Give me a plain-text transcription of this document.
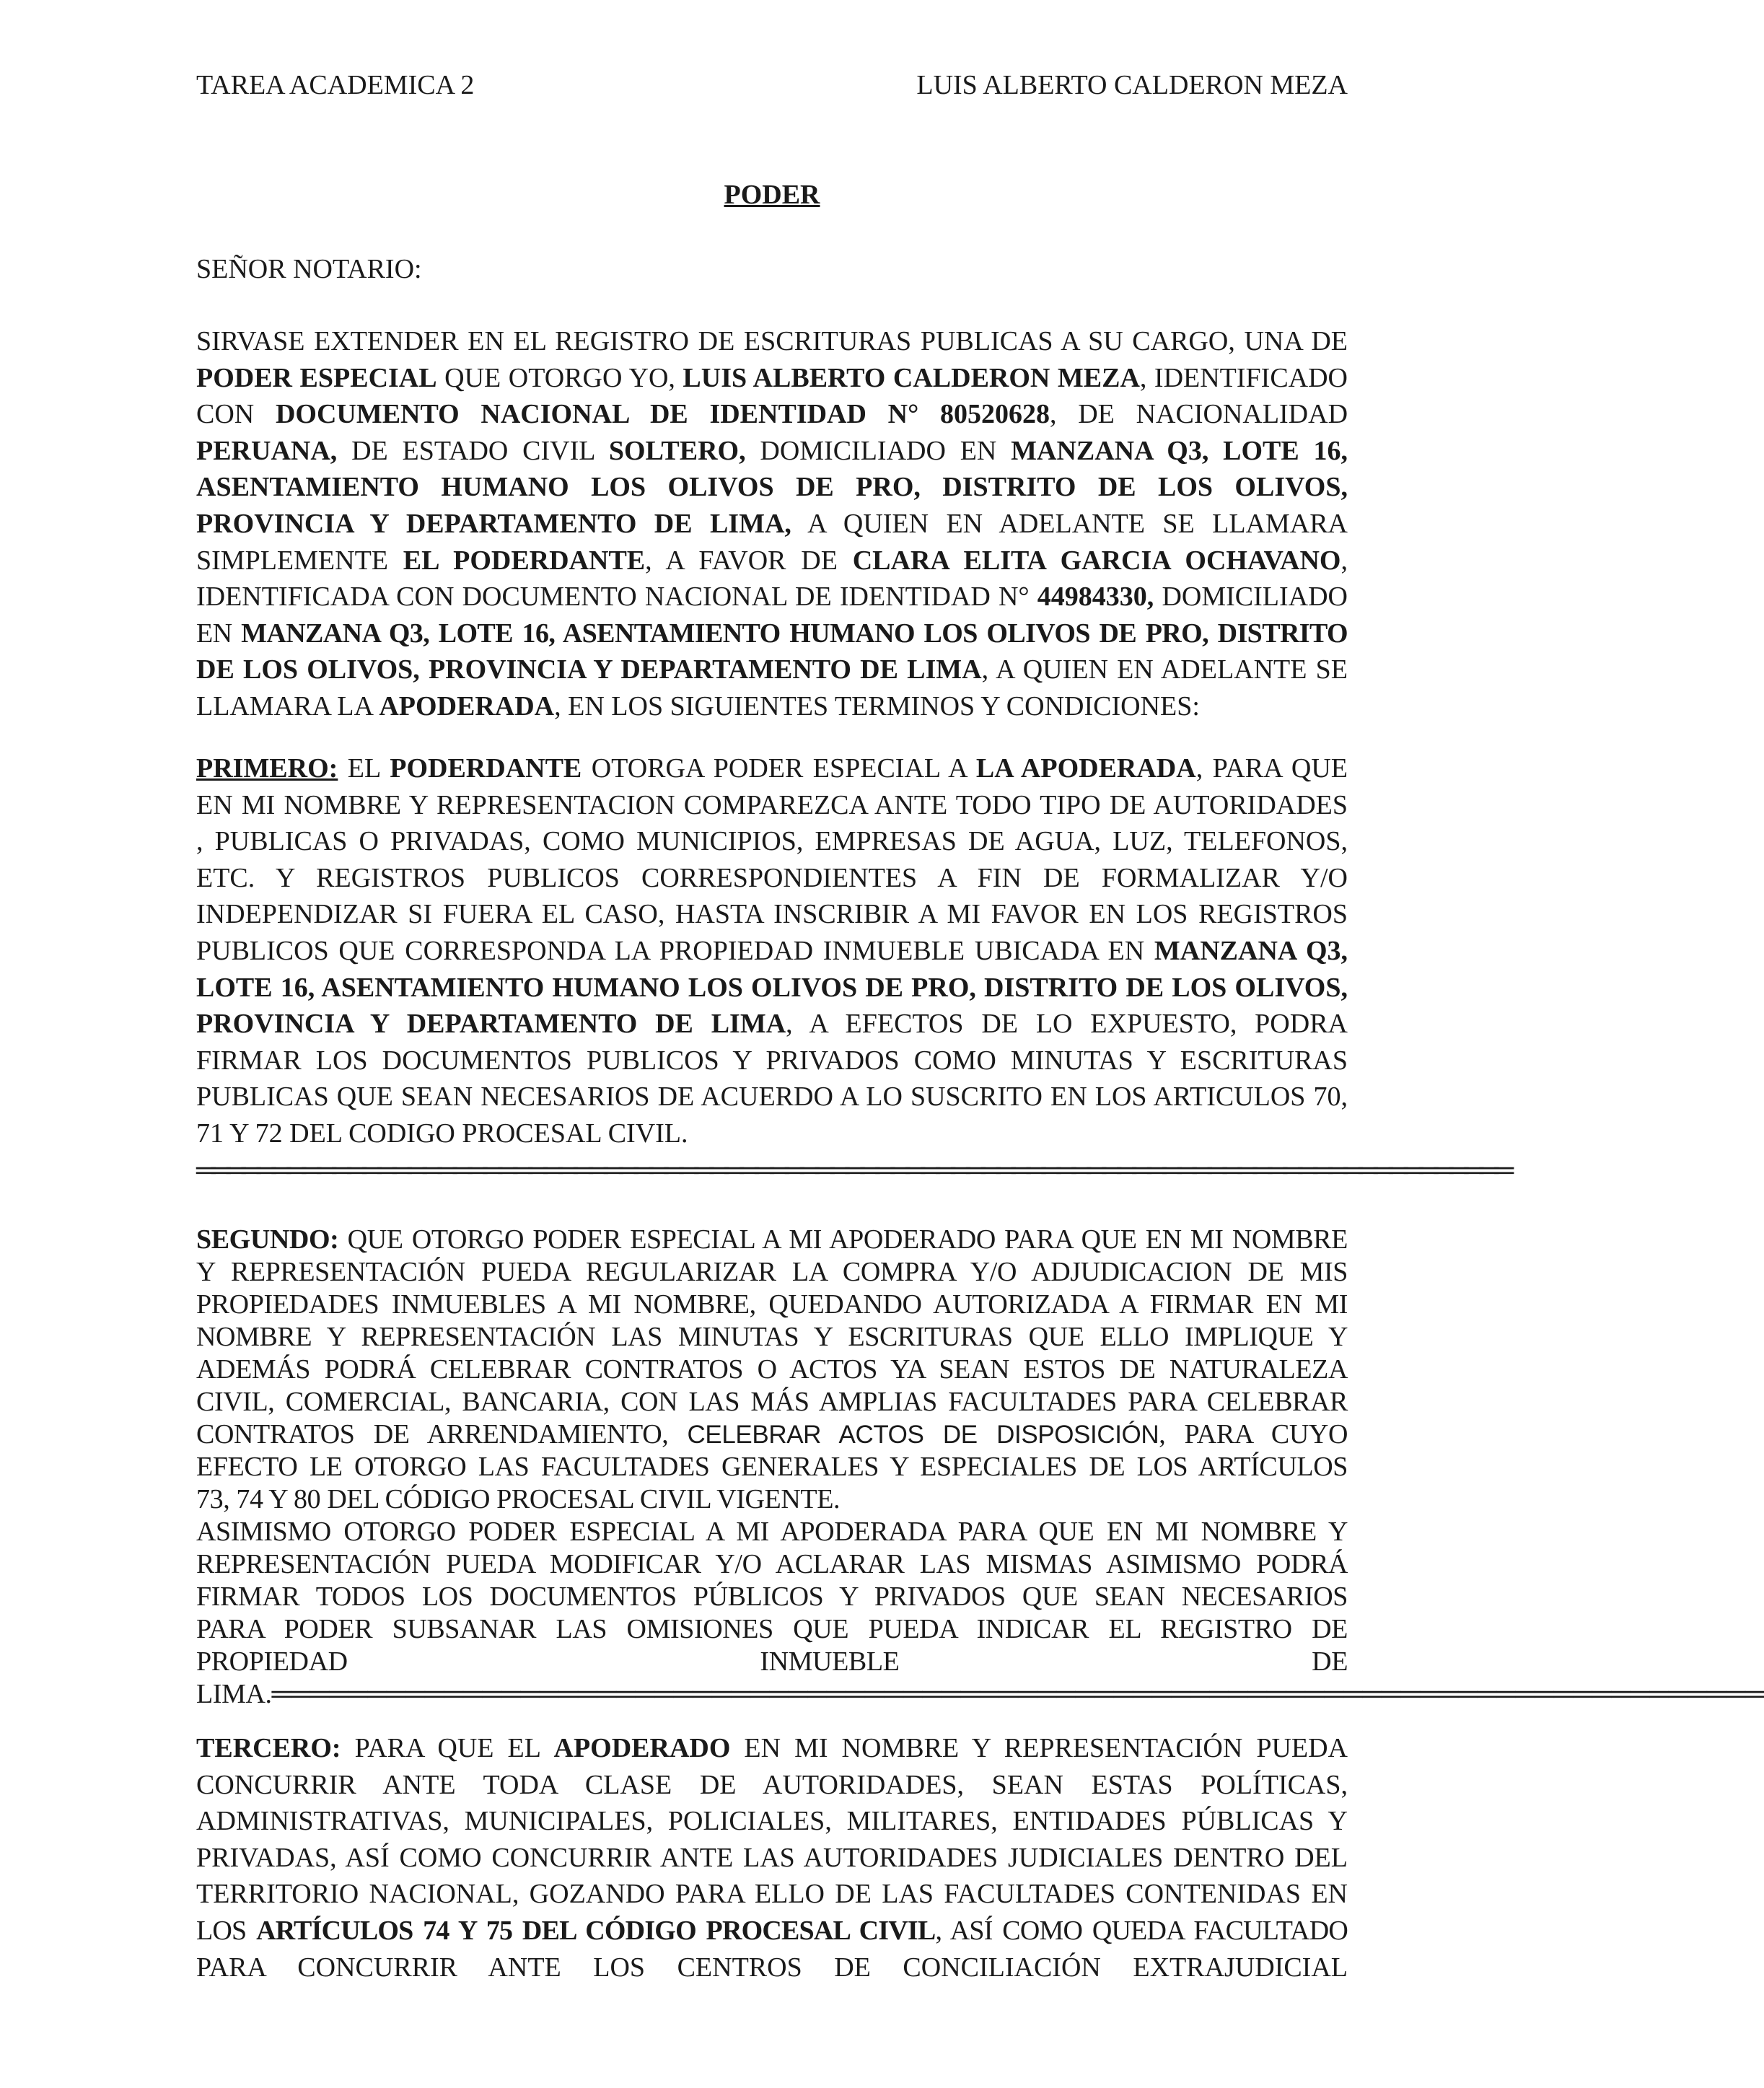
TAREA ACADEMICA 2	LUIS ALBERTO CALDERON MEZA
PODER
SEÑOR NOTARIO:
SIRVASE EXTENDER EN EL REGISTRO DE ESCRITURAS PUBLICAS A SU CARGO, UNA DE
PODER ESPECIAL QUE OTORGO YO, LUIS ALBERTO CALDERON MEZA, IDENTIFICADO
CON DOCUMENTO NACIONAL DE IDENTIDAD N° 80520628, DE NACIONALIDAD
PERUANA, DE ESTADO CIVIL SOLTERO, DOMICILIADO EN MANZANA Q3, LOTE 16,
ASENTAMIENTO HUMANO LOS OLIVOS DE PRO, DISTRITO DE LOS OLIVOS,
PROVINCIA Y DEPARTAMENTO DE LIMA, A QUIEN EN ADELANTE SE LLAMARA
SIMPLEMENTE EL PODERDANTE, A FAVOR DE CLARA ELITA GARCIA OCHAVANO,
IDENTIFICADA CON DOCUMENTO NACIONAL DE IDENTIDAD N° 44984330, DOMICILIADO
EN MANZANA Q3, LOTE 16, ASENTAMIENTO HUMANO LOS OLIVOS DE PRO, DISTRITO
DE LOS OLIVOS, PROVINCIA Y DEPARTAMENTO DE LIMA, A QUIEN EN ADELANTE SE
LLAMARA LA APODERADA, EN LOS SIGUIENTES TERMINOS Y CONDICIONES:
PRIMERO: EL PODERDANTE OTORGA PODER ESPECIAL A LA APODERADA, PARA QUE
EN MI NOMBRE Y REPRESENTACION COMPAREZCA ANTE TODO TIPO DE AUTORIDADES
, PUBLICAS O PRIVADAS, COMO MUNICIPIOS, EMPRESAS DE AGUA, LUZ, TELEFONOS,
ETC. Y REGISTROS PUBLICOS CORRESPONDIENTES A FIN DE FORMALIZAR Y/O
INDEPENDIZAR SI FUERA EL CASO, HASTA INSCRIBIR A MI FAVOR EN LOS REGISTROS
PUBLICOS QUE CORRESPONDA LA PROPIEDAD INMUEBLE UBICADA EN MANZANA Q3,
LOTE 16, ASENTAMIENTO HUMANO LOS OLIVOS DE PRO, DISTRITO DE LOS OLIVOS,
PROVINCIA Y DEPARTAMENTO DE LIMA, A EFECTOS DE LO EXPUESTO, PODRA
FIRMAR LOS DOCUMENTOS PUBLICOS Y PRIVADOS COMO MINUTAS Y ESCRITURAS
PUBLICAS QUE SEAN NECESARIOS DE ACUERDO A LO SUSCRITO EN LOS ARTICULOS 70,
71 Y 72 DEL CODIGO PROCESAL CIVIL.
═══════════════════════════════════════════════════════════════════════════════════════
SEGUNDO: QUE OTORGO PODER ESPECIAL A MI APODERADO PARA QUE EN MI NOMBRE
Y REPRESENTACIÓN PUEDA REGULARIZAR LA COMPRA Y/O ADJUDICACION DE MIS
PROPIEDADES INMUEBLES A MI NOMBRE, QUEDANDO AUTORIZADA A FIRMAR EN MI
NOMBRE Y REPRESENTACIÓN LAS MINUTAS Y ESCRITURAS QUE ELLO IMPLIQUE Y
ADEMÁS PODRÁ CELEBRAR CONTRATOS O ACTOS YA SEAN ESTOS DE NATURALEZA
CIVIL, COMERCIAL, BANCARIA, CON LAS MÁS AMPLIAS FACULTADES PARA CELEBRAR
CONTRATOS DE ARRENDAMIENTO, CELEBRAR ACTOS DE DISPOSICIÓN, PARA CUYO
EFECTO LE OTORGO LAS FACULTADES GENERALES Y ESPECIALES DE LOS ARTÍCULOS
73, 74 Y 80 DEL CÓDIGO PROCESAL CIVIL VIGENTE.
ASIMISMO OTORGO PODER ESPECIAL A MI APODERADA PARA QUE EN MI NOMBRE Y
REPRESENTACIÓN PUEDA MODIFICAR Y/O ACLARAR LAS MISMAS ASIMISMO PODRÁ
FIRMAR TODOS LOS DOCUMENTOS PÚBLICOS Y PRIVADOS QUE SEAN NECESARIOS
PARA PODER SUBSANAR LAS OMISIONES QUE PUEDA INDICAR EL REGISTRO DE
PROPIEDAD INMUEBLE DE
LIMA.══════════════════════════════════════════════════════════════════════════════
TERCERO: PARA QUE EL APODERADO EN MI NOMBRE Y REPRESENTACIÓN PUEDA
CONCURRIR ANTE TODA CLASE DE AUTORIDADES, SEAN ESTAS POLÍTICAS,
ADMINISTRATIVAS, MUNICIPALES, POLICIALES, MILITARES, ENTIDADES PÚBLICAS Y
PRIVADAS, ASÍ COMO CONCURRIR ANTE LAS AUTORIDADES JUDICIALES DENTRO DEL
TERRITORIO NACIONAL, GOZANDO PARA ELLO DE LAS FACULTADES CONTENIDAS EN
LOS ARTÍCULOS 74 Y 75 DEL CÓDIGO PROCESAL CIVIL, ASÍ COMO QUEDA FACULTADO
PARA CONCURRIR ANTE LOS CENTROS DE CONCILIACIÓN EXTRAJUDICIAL
